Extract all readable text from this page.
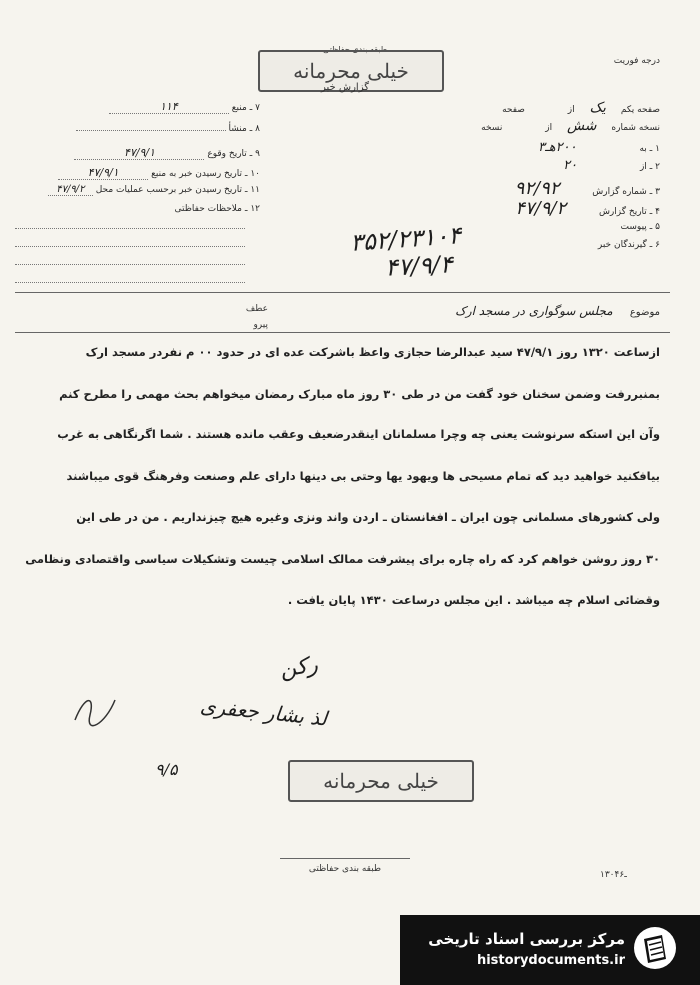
طبقه بندی حفاظتی
خیلی محرمانه
گزارش خبر
درجه فوریت
صفحه یکم یک از صفحه
نسخه شماره شش از نسخه
۱ ـ به ۲۰۰هـ۳
۲ ـ از ۲۰
۳ ـ شماره گزارش ۹۲/۹۲
۴ ـ تاریخ گزارش ۴۷/۹/۲
۵ ـ پیوست
۶ ـ گیرندگان خبر
۷ ـ منبع ۱۱۴
۸ ـ منشأ
۹ ـ تاریخ وقوع ۴۷/۹/۱
۱۰ ـ تاریخ رسیدن خبر به منبع ۴۷/۹/۱
۱۱ ـ تاریخ رسیدن خبر برحسب عملیات محل ۴۷/۹/۲
۱۲ ـ ملاحظات حفاظتی
۳۵۲/۲۳۱۰۴
۴۷/۹/۴
عطف
پیرو
موضوع مجلس سوگواری در مسجد ارک
ازساعت ۱۳۲۰ روز ۴۷/۹/۱ سید عبدالرضا حجازی واعظ باشرکت عده ای در حدود ۰۰ م نفردر مسجد ارک
بمنبررفت وضمن سخنان خود گفت من در طی ۳۰ روز ماه مبارک رمضان میخواهم بحث مهمی را مطرح کنم
وآن این استکه سرنوشت یعنی چه وچرا مسلمانان اینقدرضعیف وعقب مانده هستند . شما اگرنگاهی به غرب
بیافکنید خواهید دید که تمام مسیحی ها ویهود یها وحتی بی دینها دارای علم وصنعت وفرهنگ قوی میباشند
ولی کشورهای مسلمانی چون ایران ـ افغانستان ـ اردن واند ونزی وغیره هیچ چیزنداریم . من در طی این
۳۰ روز روشن خواهم کرد که راه چاره برای پیشرفت ممالک اسلامی چیست وتشکیلات سیاسی واقتصادی ونظامی
وقضائی اسلام چه میباشد . این مجلس درساعت ۱۴۳۰ پایان یافت .
رکن
لذ بشار جعفری
۹/۵	خیلی محرمانه
طبقه بندی حفاظتی
۱۳۰ـ۴۶
مرکز بررسی اسناد تاریخی
historydocuments.ir
